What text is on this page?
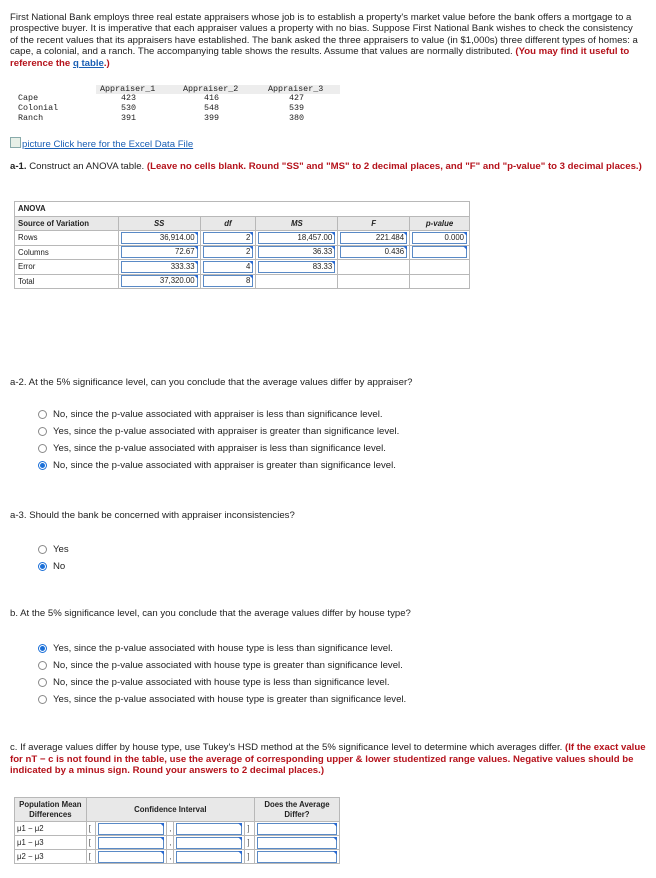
First National Bank employs three real estate appraisers whose job is to establish a property's market value before the bank offers a mortgage to a prospective buyer. It is imperative that each appraiser values a property with no bias. Suppose First National Bank wishes to check the consistency of the recent values that its appraisers have established. The bank asked the three appraisers to value (in $1,000s) three different types of homes: a cape, a colonial, and a ranch. The accompanying table shows the results. Assume that values are normally distributed. (You may find it useful to reference the q table.)
Appraiser_1	Appraiser_2	Appraiser_3
Cape	423	416	427
Colonial	530	548	539
Ranch	391	399	380
picture Click here for the Excel Data File
a-1. Construct an ANOVA table. (Leave no cells blank. Round "SS" and "MS" to 2 decimal places, and "F" and "p-value" to 3 decimal places.)
ANOVA					
Source of Variation	SS	df	MS	F	p-value
Rows	36,914.00	2	18,457.00	221.484	0.000

Columns	72.67	2	36.33	0.436	

Error	333.33	4	83.33		

Total	37,320.00	8			

a-2. At the 5% significance level, can you conclude that the average values differ by appraiser?
No, since the p-value associated with appraiser is less than significance level.
Yes, since the p-value associated with appraiser is greater than significance level.
Yes, since the p-value associated with appraiser is less than significance level.
No, since the p-value associated with appraiser is greater than significance level.
a-3. Should the bank be concerned with appraiser inconsistencies?
Yes
No
b. At the 5% significance level, can you conclude that the average values differ by house type?
Yes, since the p-value associated with house type is less than significance level.
No, since the p-value associated with house type is greater than significance level.
No, since the p-value associated with house type is less than significance level.
Yes, since the p-value associated with house type is greater than significance level.
c. If average values differ by house type, use Tukey's HSD method at the 5% significance level to determine which averages differ. (If the exact value for nT − c is not found in the table, use the average of corresponding upper & lower studentized range values. Negative values should be indicated by a minus sign. Round your answers to 2 decimal places.)
Population Mean Differences	Confidence Interval					Does the Average Differ?
μ1 − μ2	[		,		]	
μ1 − μ3	[		,		]	
μ2 − μ3	[		,		]	
